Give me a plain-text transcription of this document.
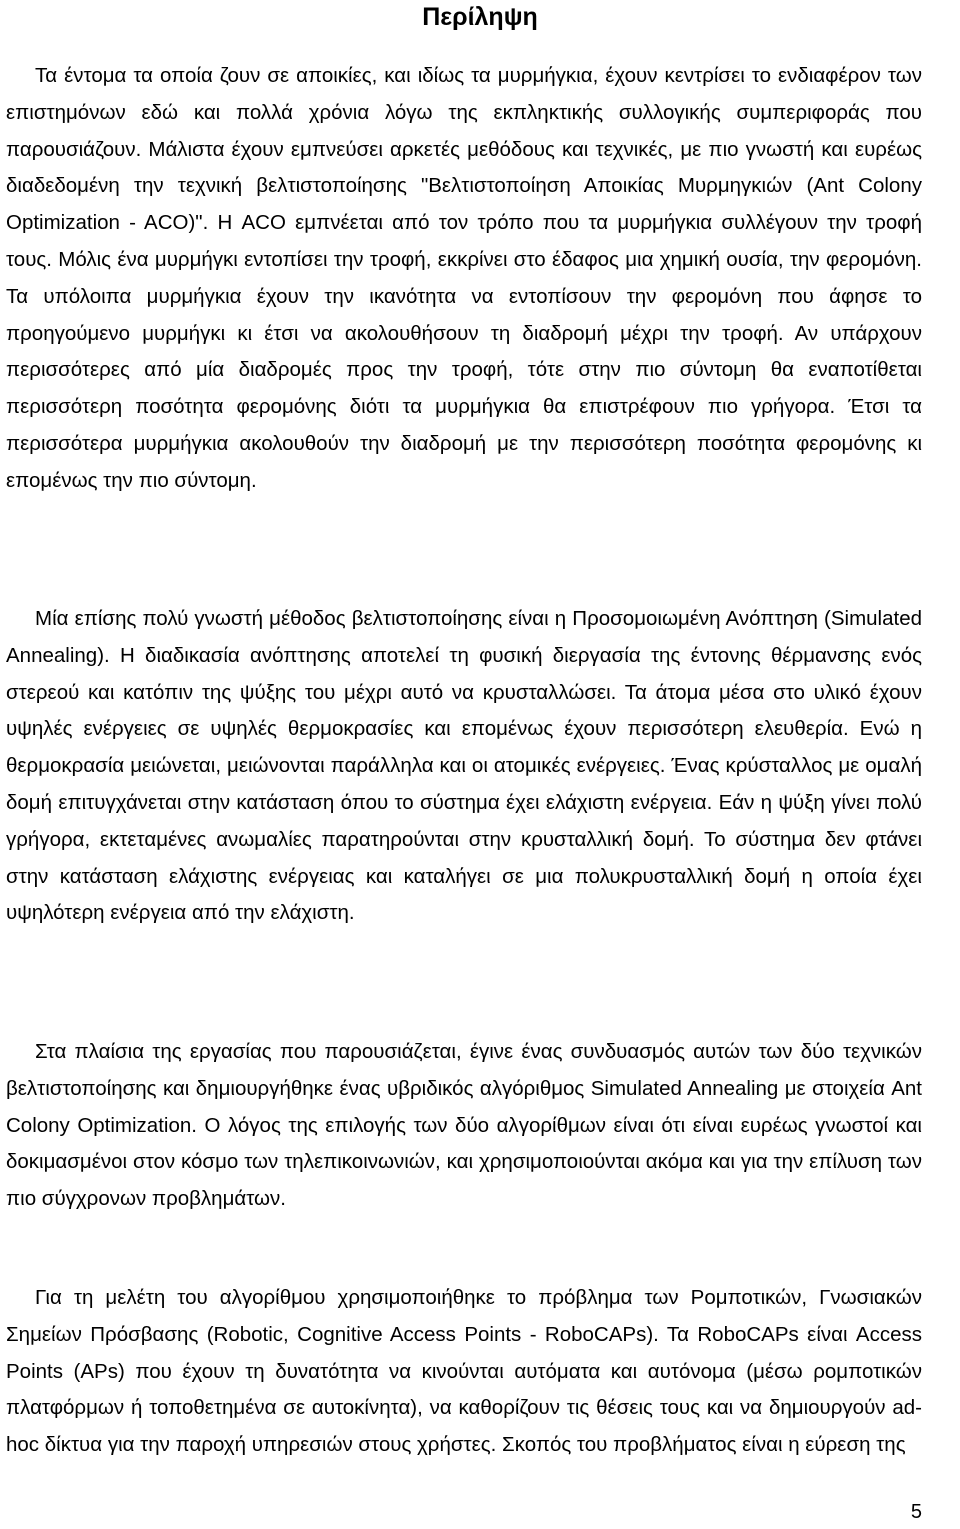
Περίληψη

Τα έντομα τα οποία ζουν σε αποικίες, και ιδίως τα μυρμήγκια, έχουν κεντρίσει το ενδιαφέρον των επιστημόνων εδώ και πολλά χρόνια λόγω της εκπληκτικής συλλογικής συμπεριφοράς που παρουσιάζουν. Μάλιστα έχουν εμπνεύσει αρκετές μεθόδους και τεχνικές, με πιο γνωστή και ευρέως διαδεδομένη την τεχνική βελτιστοποίησης "Βελτιστοποίηση Αποικίας Μυρμηγκιών (Ant Colony Optimization - ACO)". Η ACO εμπνέεται από τον τρόπο που τα μυρμήγκια συλλέγουν την τροφή τους. Μόλις ένα μυρμήγκι εντοπίσει την τροφή, εκκρίνει στο έδαφος μια χημική ουσία, την φερομόνη. Τα υπόλοιπα μυρμήγκια έχουν την ικανότητα να εντοπίσουν την φερομόνη που άφησε το προηγούμενο μυρμήγκι κι έτσι να ακολουθήσουν τη διαδρομή μέχρι την τροφή. Αν υπάρχουν περισσότερες από μία διαδρομές προς την τροφή, τότε στην πιο σύντομη θα εναποτίθεται περισσότερη ποσότητα φερομόνης διότι τα μυρμήγκια θα επιστρέφουν πιο γρήγορα. Έτσι τα περισσότερα μυρμήγκια ακολουθούν την διαδρομή με την περισσότερη ποσότητα φερομόνης κι επομένως την πιο σύντομη.

Μία επίσης πολύ γνωστή μέθοδος βελτιστοποίησης είναι η Προσομοιωμένη Ανόπτηση (Simulated Annealing). Η διαδικασία ανόπτησης αποτελεί τη φυσική διεργασία της έντονης θέρμανσης ενός στερεού και κατόπιν της ψύξης του μέχρι αυτό να κρυσταλλώσει. Τα άτομα μέσα στο υλικό έχουν υψηλές ενέργειες σε υψηλές θερμοκρασίες και επομένως έχουν περισσότερη ελευθερία. Ενώ η θερμοκρασία μειώνεται, μειώνονται παράλληλα και οι ατομικές ενέργειες. Ένας κρύσταλλος με ομαλή δομή επιτυγχάνεται στην κατάσταση όπου το σύστημα έχει ελάχιστη ενέργεια. Εάν η ψύξη γίνει πολύ γρήγορα, εκτεταμένες ανωμαλίες παρατηρούνται στην κρυσταλλική δομή. Το σύστημα δεν φτάνει στην κατάσταση ελάχιστης ενέργειας και καταλήγει σε μια πολυκρυσταλλική δομή η οποία έχει υψηλότερη ενέργεια από την ελάχιστη.

Στα πλαίσια της εργασίας που παρουσιάζεται, έγινε ένας συνδυασμός αυτών των δύο τεχνικών βελτιστοποίησης και δημιουργήθηκε ένας υβριδικός αλγόριθμος Simulated Annealing με στοιχεία Ant Colony Optimization. Ο λόγος της επιλογής των δύο αλγορίθμων είναι ότι είναι ευρέως γνωστοί και δοκιμασμένοι στον κόσμο των τηλεπικοινωνιών, και χρησιμοποιούνται ακόμα και για την επίλυση των πιο σύγχρονων προβλημάτων.

Για τη μελέτη του αλγορίθμου χρησιμοποιήθηκε το πρόβλημα των Ρομποτικών, Γνωσιακών Σημείων Πρόσβασης (Robotic, Cognitive Access Points - RoboCAPs). Τα RoboCAPs είναι Access Points (APs) που έχουν τη δυνατότητα να κινούνται αυτόματα και αυτόνομα (μέσω ρομποτικών πλατφόρμων ή τοποθετημένα σε αυτοκίνητα), να καθορίζουν τις θέσεις τους και να δημιουργούν ad-hoc δίκτυα για την παροχή υπηρεσιών στους χρήστες. Σκοπός του προβλήματος είναι η εύρεση της

5
